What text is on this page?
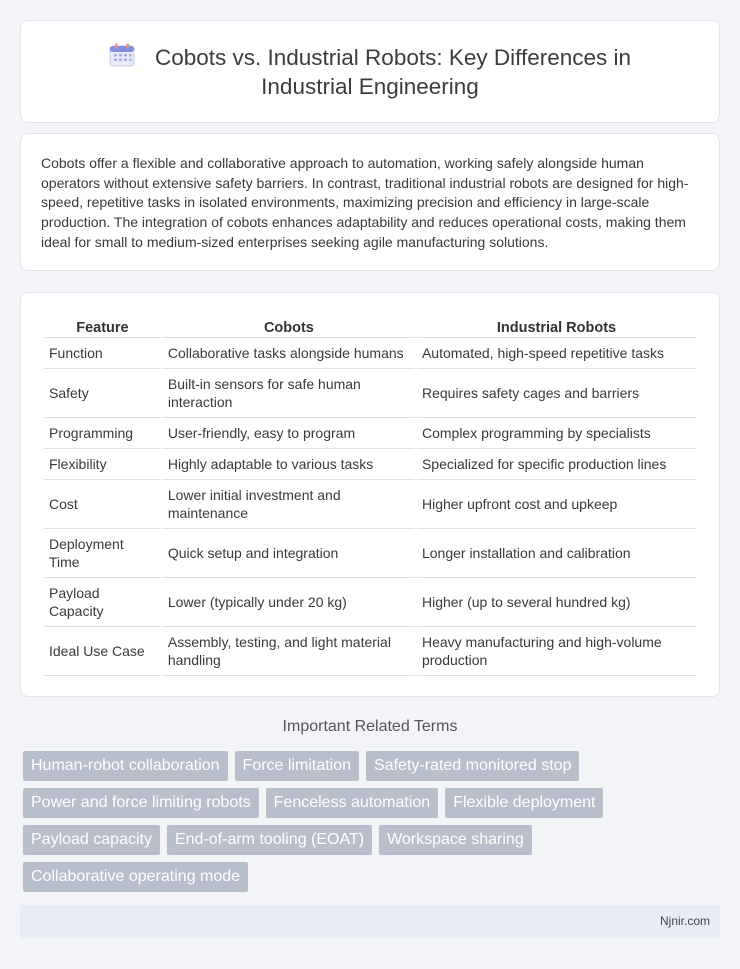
Cobots vs. Industrial Robots: Key Differences in
Industrial Engineering

Cobots offer a flexible and collaborative approach to automation, working safely alongside human operators without extensive safety barriers. In contrast, traditional industrial robots are designed for high-speed, repetitive tasks in isolated environments, maximizing precision and efficiency in large-scale production. The integration of cobots enhances adaptability and reduces operational costs, making them ideal for small to medium-sized enterprises seeking agile manufacturing solutions.

Feature	Cobots	Industrial Robots
Function	Collaborative tasks alongside humans	Automated, high-speed repetitive tasks
Safety	Built-in sensors for safe human interaction	Requires safety cages and barriers
Programming	User-friendly, easy to program	Complex programming by specialists
Flexibility	Highly adaptable to various tasks	Specialized for specific production lines
Cost	Lower initial investment and maintenance	Higher upfront cost and upkeep
Deployment Time	Quick setup and integration	Longer installation and calibration
Payload Capacity	Lower (typically under 20 kg)	Higher (up to several hundred kg)
Ideal Use Case	Assembly, testing, and light material handling	Heavy manufacturing and high-volume production
Important Related Terms
Human-robot collaboration	Force limitation	Safety-rated monitored stop
Power and force limiting robots	Fenceless automation	Flexible deployment
Payload capacity	End-of-arm tooling (EOAT)	Workspace sharing
Collaborative operating mode
Njnir.com
